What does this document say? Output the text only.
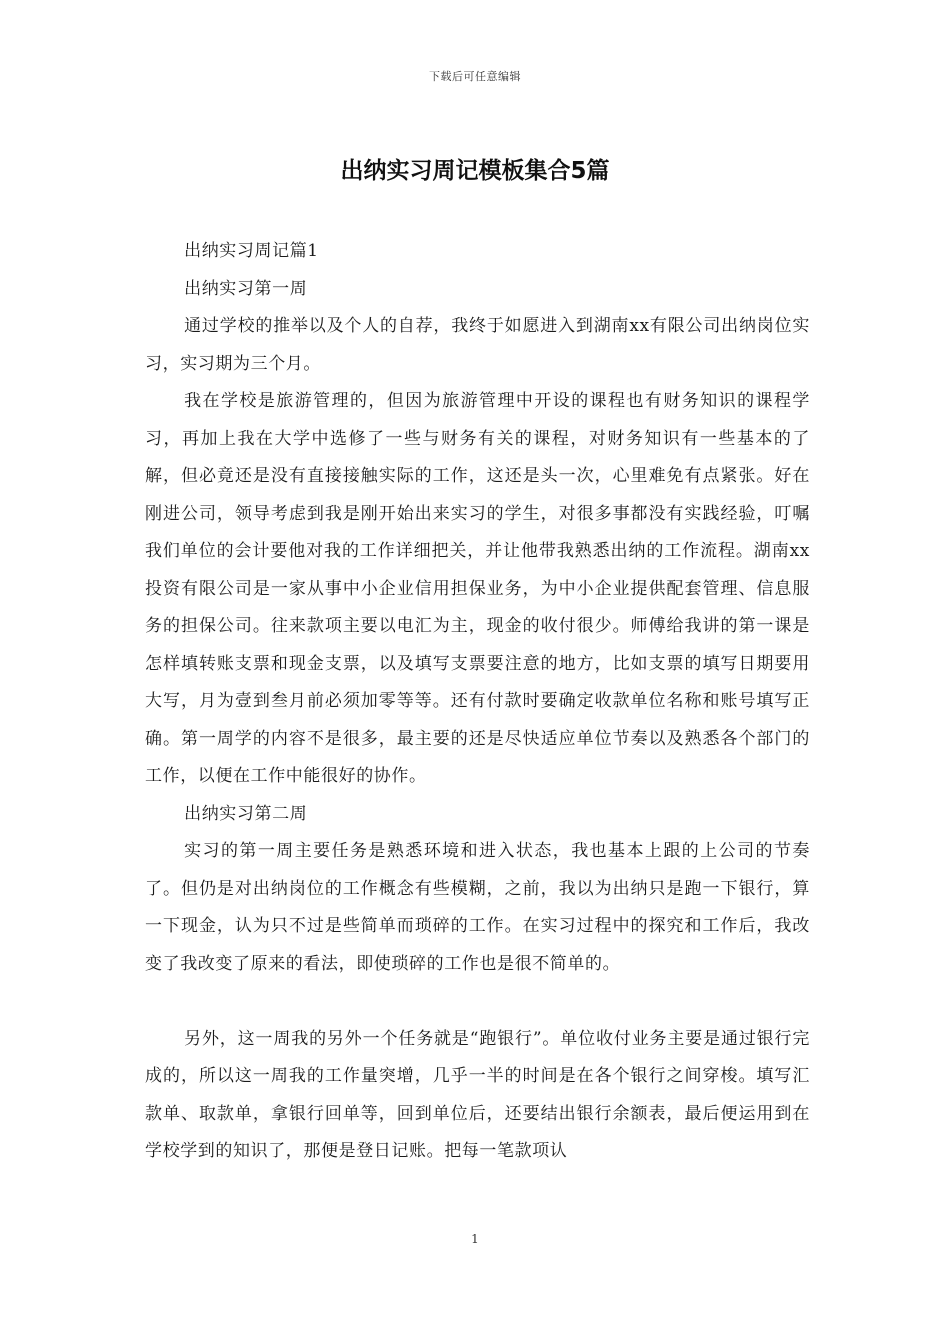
下载后可任意编辑
出纳实习周记模板集合5篇

出纳实习周记篇1

出纳实习第一周

通过学校的推举以及个人的自荐，我终于如愿进入到湖南xx有限公司出纳岗位实习，实习期为三个月。

我在学校是旅游管理的，但因为旅游管理中开设的课程也有财务知识的课程学习，再加上我在大学中选修了一些与财务有关的课程，对财务知识有一些基本的了解，但必竟还是没有直接接触实际的工作，这还是头一次，心里难免有点紧张。好在刚进公司，领导考虑到我是刚开始出来实习的学生，对很多事都没有实践经验，叮嘱我们单位的会计要他对我的工作详细把关，并让他带我熟悉出纳的工作流程。湖南xx投资有限公司是一家从事中小企业信用担保业务，为中小企业提供配套管理、信息服务的担保公司。往来款项主要以电汇为主，现金的收付很少。师傅给我讲的第一课是怎样填转账支票和现金支票，以及填写支票要注意的地方，比如支票的填写日期要用大写，月为壹到叁月前必须加零等等。还有付款时要确定收款单位名称和账号填写正确。第一周学的内容不是很多，最主要的还是尽快适应单位节奏以及熟悉各个部门的工作，以便在工作中能很好的协作。

出纳实习第二周

实习的第一周主要任务是熟悉环境和进入状态，我也基本上跟的上公司的节奏了。但仍是对出纳岗位的工作概念有些模糊，之前，我以为出纳只是跑一下银行，算一下现金，认为只不过是些简单而琐碎的工作。在实习过程中的探究和工作后，我改变了我改变了原来的看法，即使琐碎的工作也是很不简单的。

另外，这一周我的另外一个任务就是“跑银行”。单位收付业务主要是通过银行完成的，所以这一周我的工作量突增，几乎一半的时间是在各个银行之间穿梭。填写汇款单、取款单，拿银行回单等，回到单位后，还要结出银行余额表，最后便运用到在学校学到的知识了，那便是登日记账。把每一笔款项认

1
